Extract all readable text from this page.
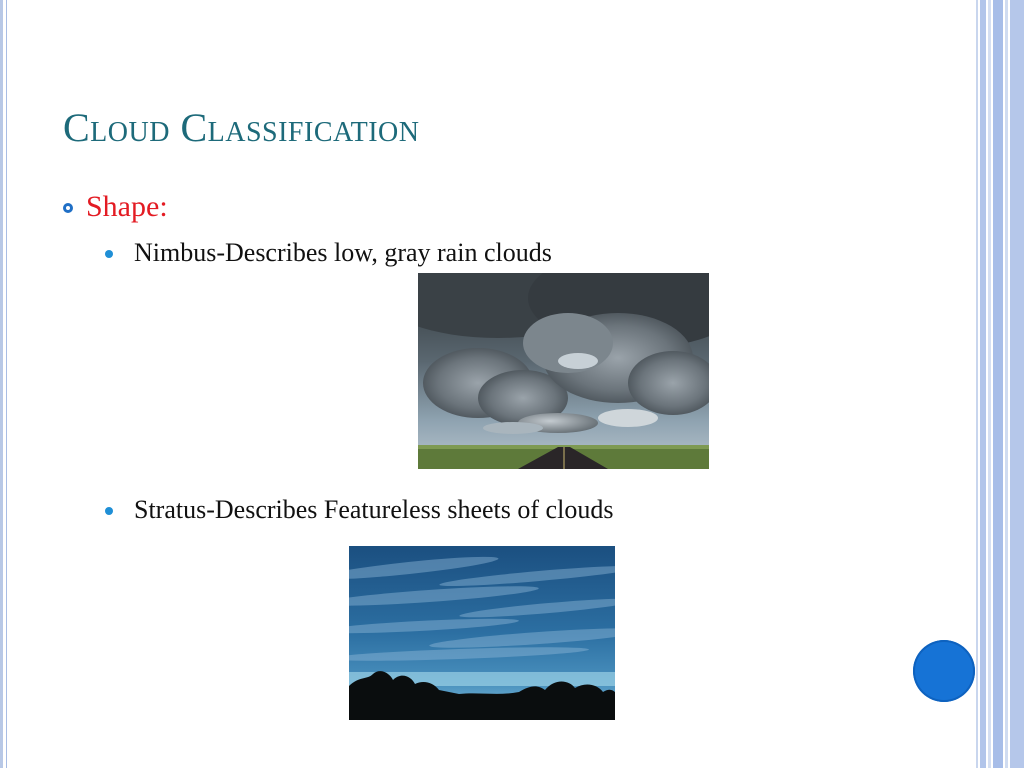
Cloud Classification
Shape:
Nimbus-Describes low, gray rain clouds
Stratus-Describes Featureless sheets of clouds
